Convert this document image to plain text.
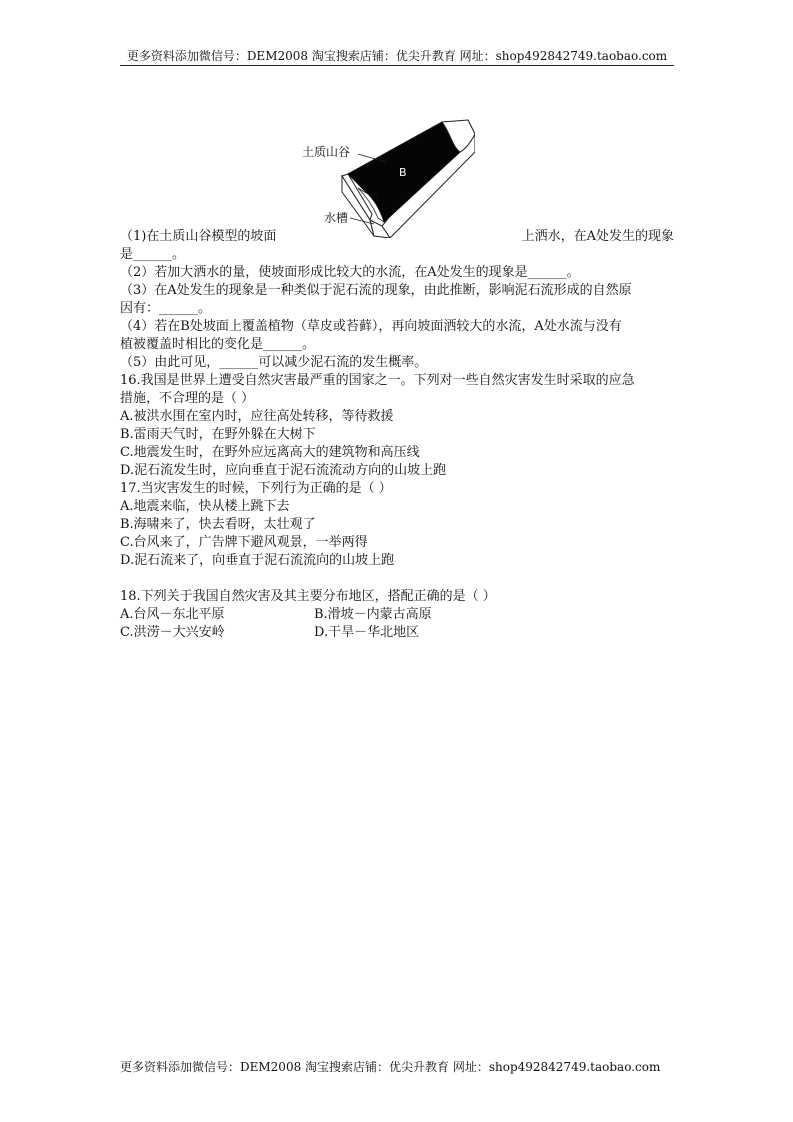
更多资料添加微信号：DEM2008 淘宝搜索店铺：优尖升教育 网址：shop492842749.taobao.com
土质山谷
B
A
水槽
（1)在土质山谷模型的坡面	上洒水，在A处发生的现象
是______。
（2）若加大洒水的量，使坡面形成比较大的水流，在A处发生的现象是______。
（3）在A处发生的现象是一种类似于泥石流的现象，由此推断，影响泥石流形成的自然原
因有：______。
（4）若在B处坡面上覆盖植物（草皮或苔藓），再向坡面洒较大的水流，A处水流与没有
植被覆盖时相比的变化是______。
（5）由此可见，______可以减少泥石流的发生概率。
16.我国是世界上遭受自然灾害最严重的国家之一。下列对一些自然灾害发生时采取的应急
措施，不合理的是（ ）
A.被洪水围在室内时，应往高处转移，等待救援
B.雷雨天气时，在野外躲在大树下
C.地震发生时，在野外应远离高大的建筑物和高压线
D.泥石流发生时，应向垂直于泥石流流动方向的山坡上跑
17.当灾害发生的时候，下列行为正确的是（ ）
A.地震来临，快从楼上跳下去
B.海啸来了，快去看呀，太壮观了
C.台风来了，广告牌下避风观景，一举两得
D.泥石流来了，向垂直于泥石流流向的山坡上跑
18.下列关于我国自然灾害及其主要分布地区，搭配正确的是（ ）
A.台风－东北平原	B.滑坡－内蒙古高原
C.洪涝－大兴安岭	D.干旱－华北地区
更多资料添加微信号：DEM2008 淘宝搜索店铺：优尖升教育 网址：shop492842749.taobao.com
